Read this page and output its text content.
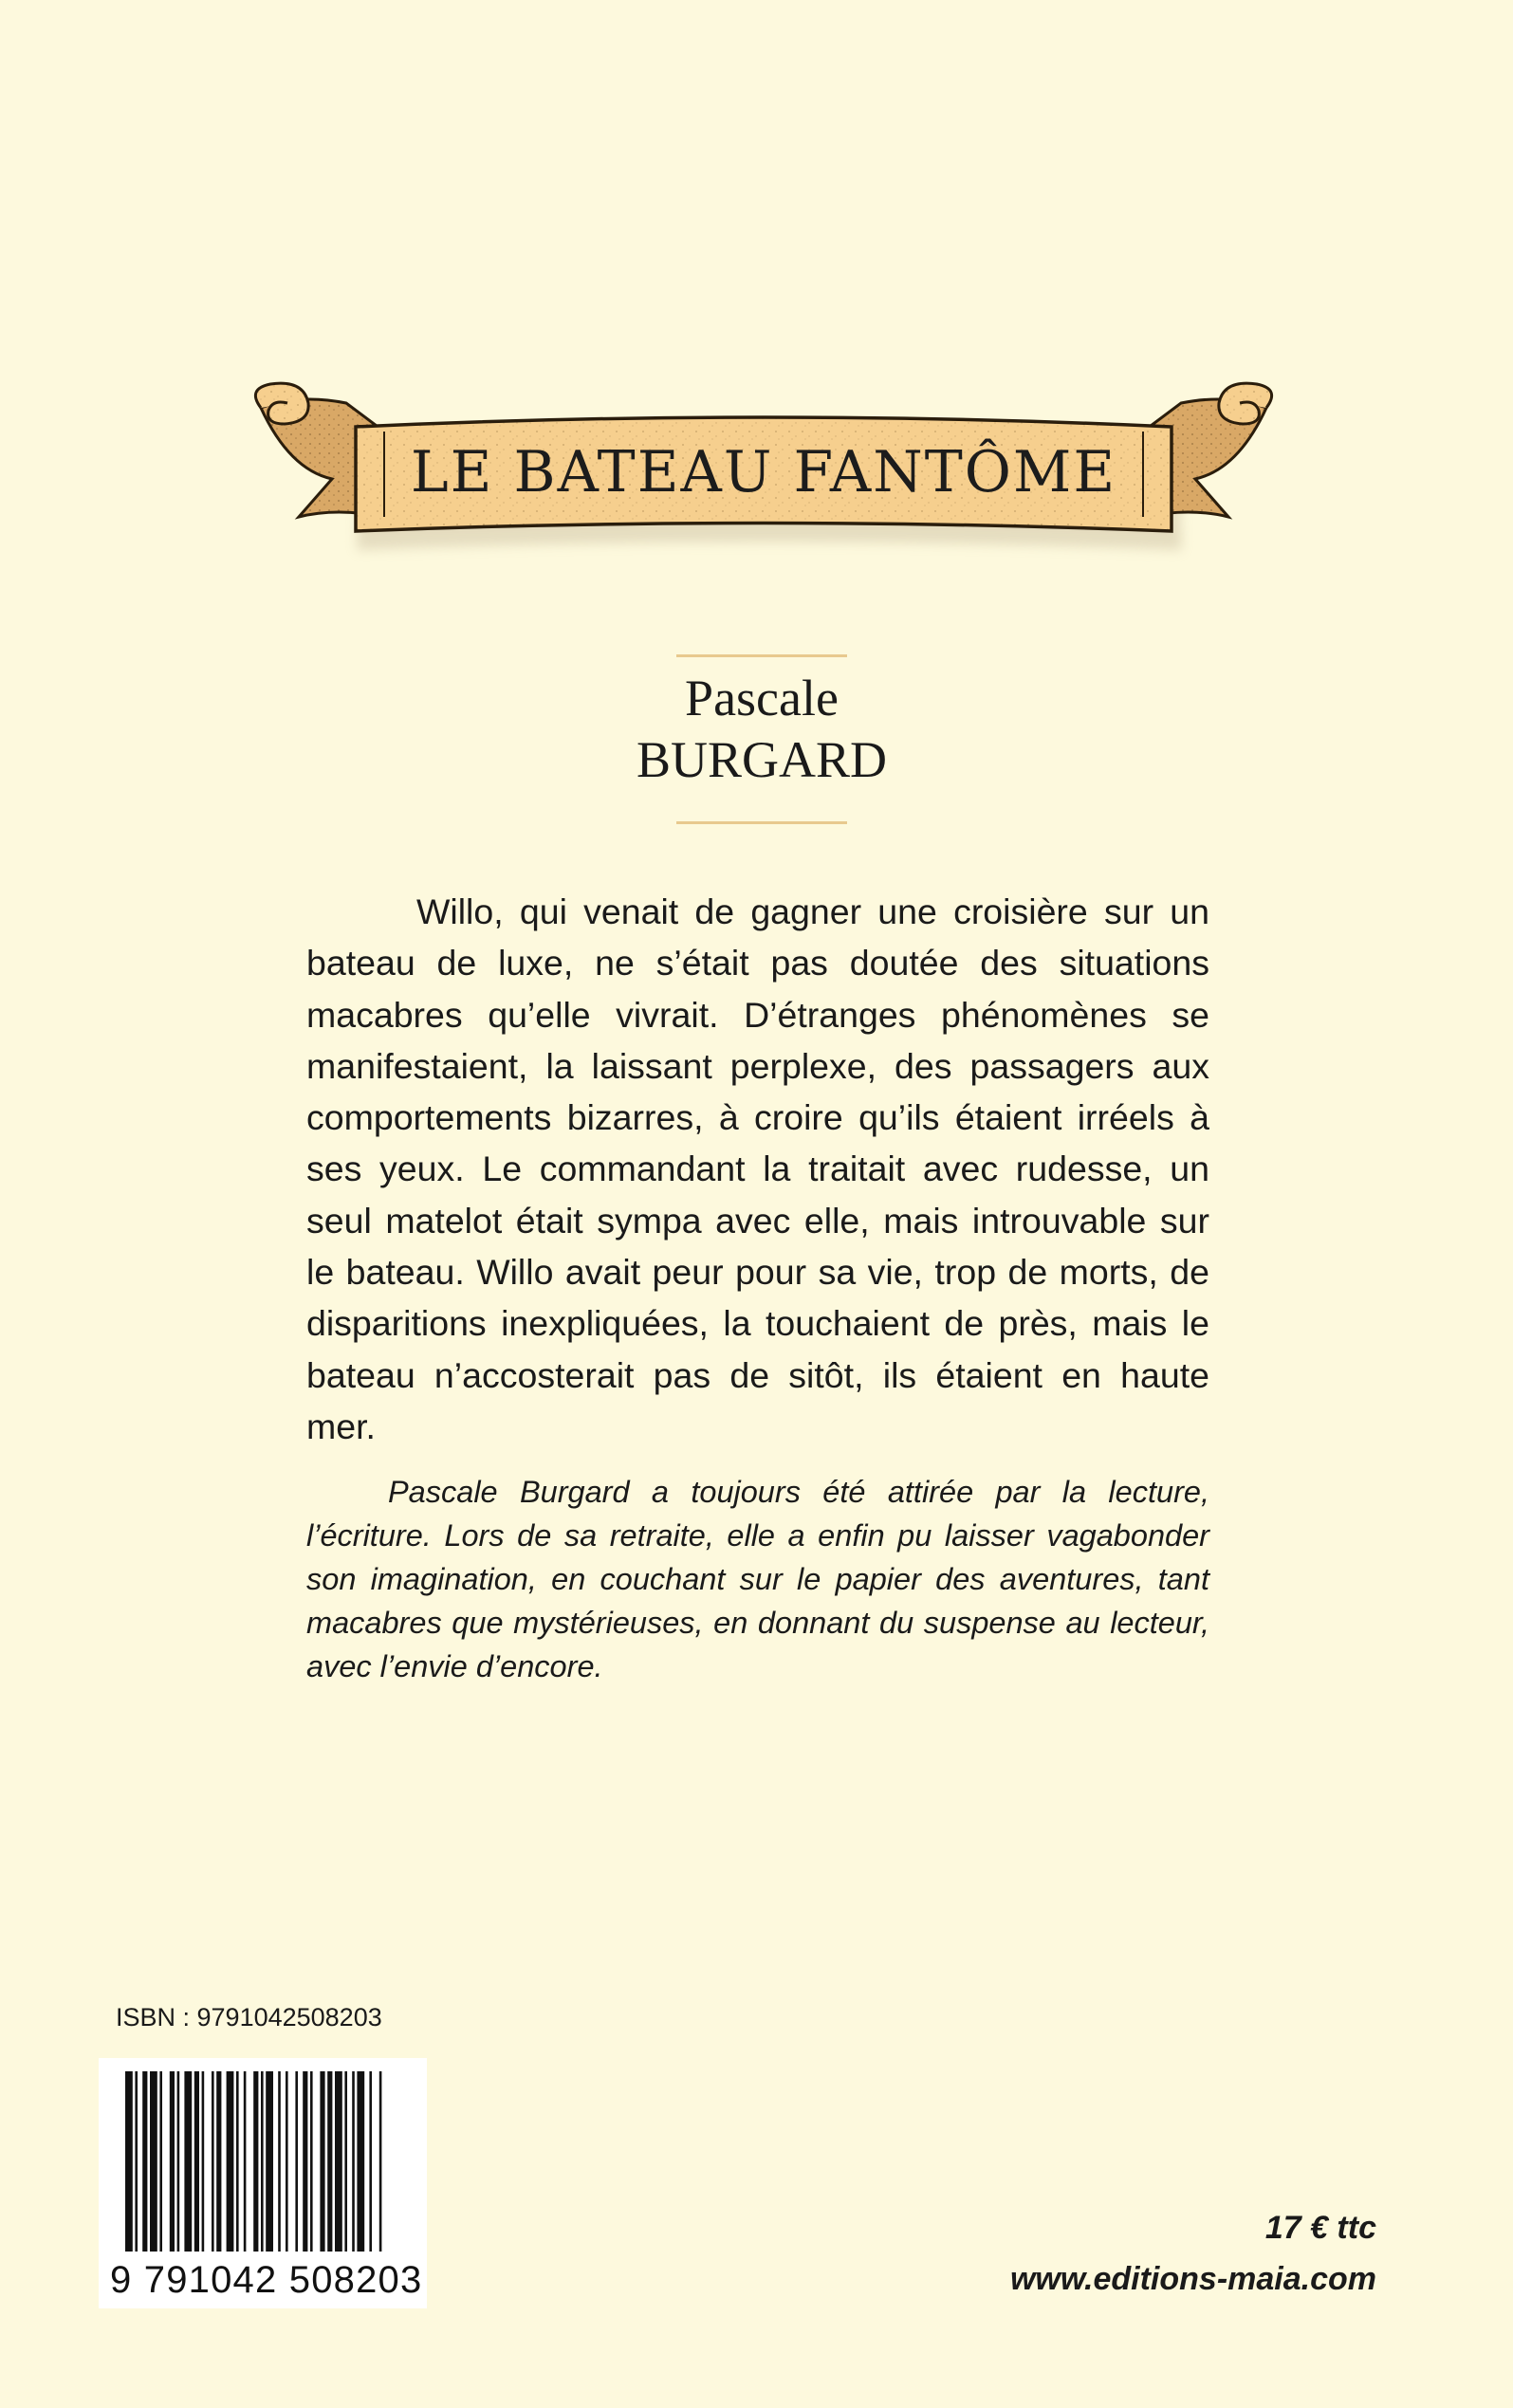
LE BATEAU FANTÔME
Pascale
BURGARD

Willo, qui venait de gagner une croisière sur un bateau de luxe, ne s’était pas doutée des situations macabres qu’elle vivrait. D’étranges phénomènes se manifestaient, la laissant perplexe, des passagers aux comportements bizarres, à croire qu’ils étaient irréels à ses yeux. Le commandant la traitait avec rudesse, un seul matelot était sympa avec elle, mais introuvable sur le bateau. Willo avait peur pour sa vie, trop de morts, de disparitions inexpliquées, la touchaient de près, mais le bateau n’accosterait pas de sitôt, ils étaient en haute mer.

Pascale Burgard a toujours été attirée par la lecture, l’écriture. Lors de sa retraite, elle a enfin pu laisser vagabonder son imagination, en couchant sur le papier des aventures, tant macabres que mystérieuses, en donnant du suspense au lecteur, avec l’envie d’encore.

ISBN : 9791042508203
9 791042 508203
17 € ttc
www.editions-maia.com
